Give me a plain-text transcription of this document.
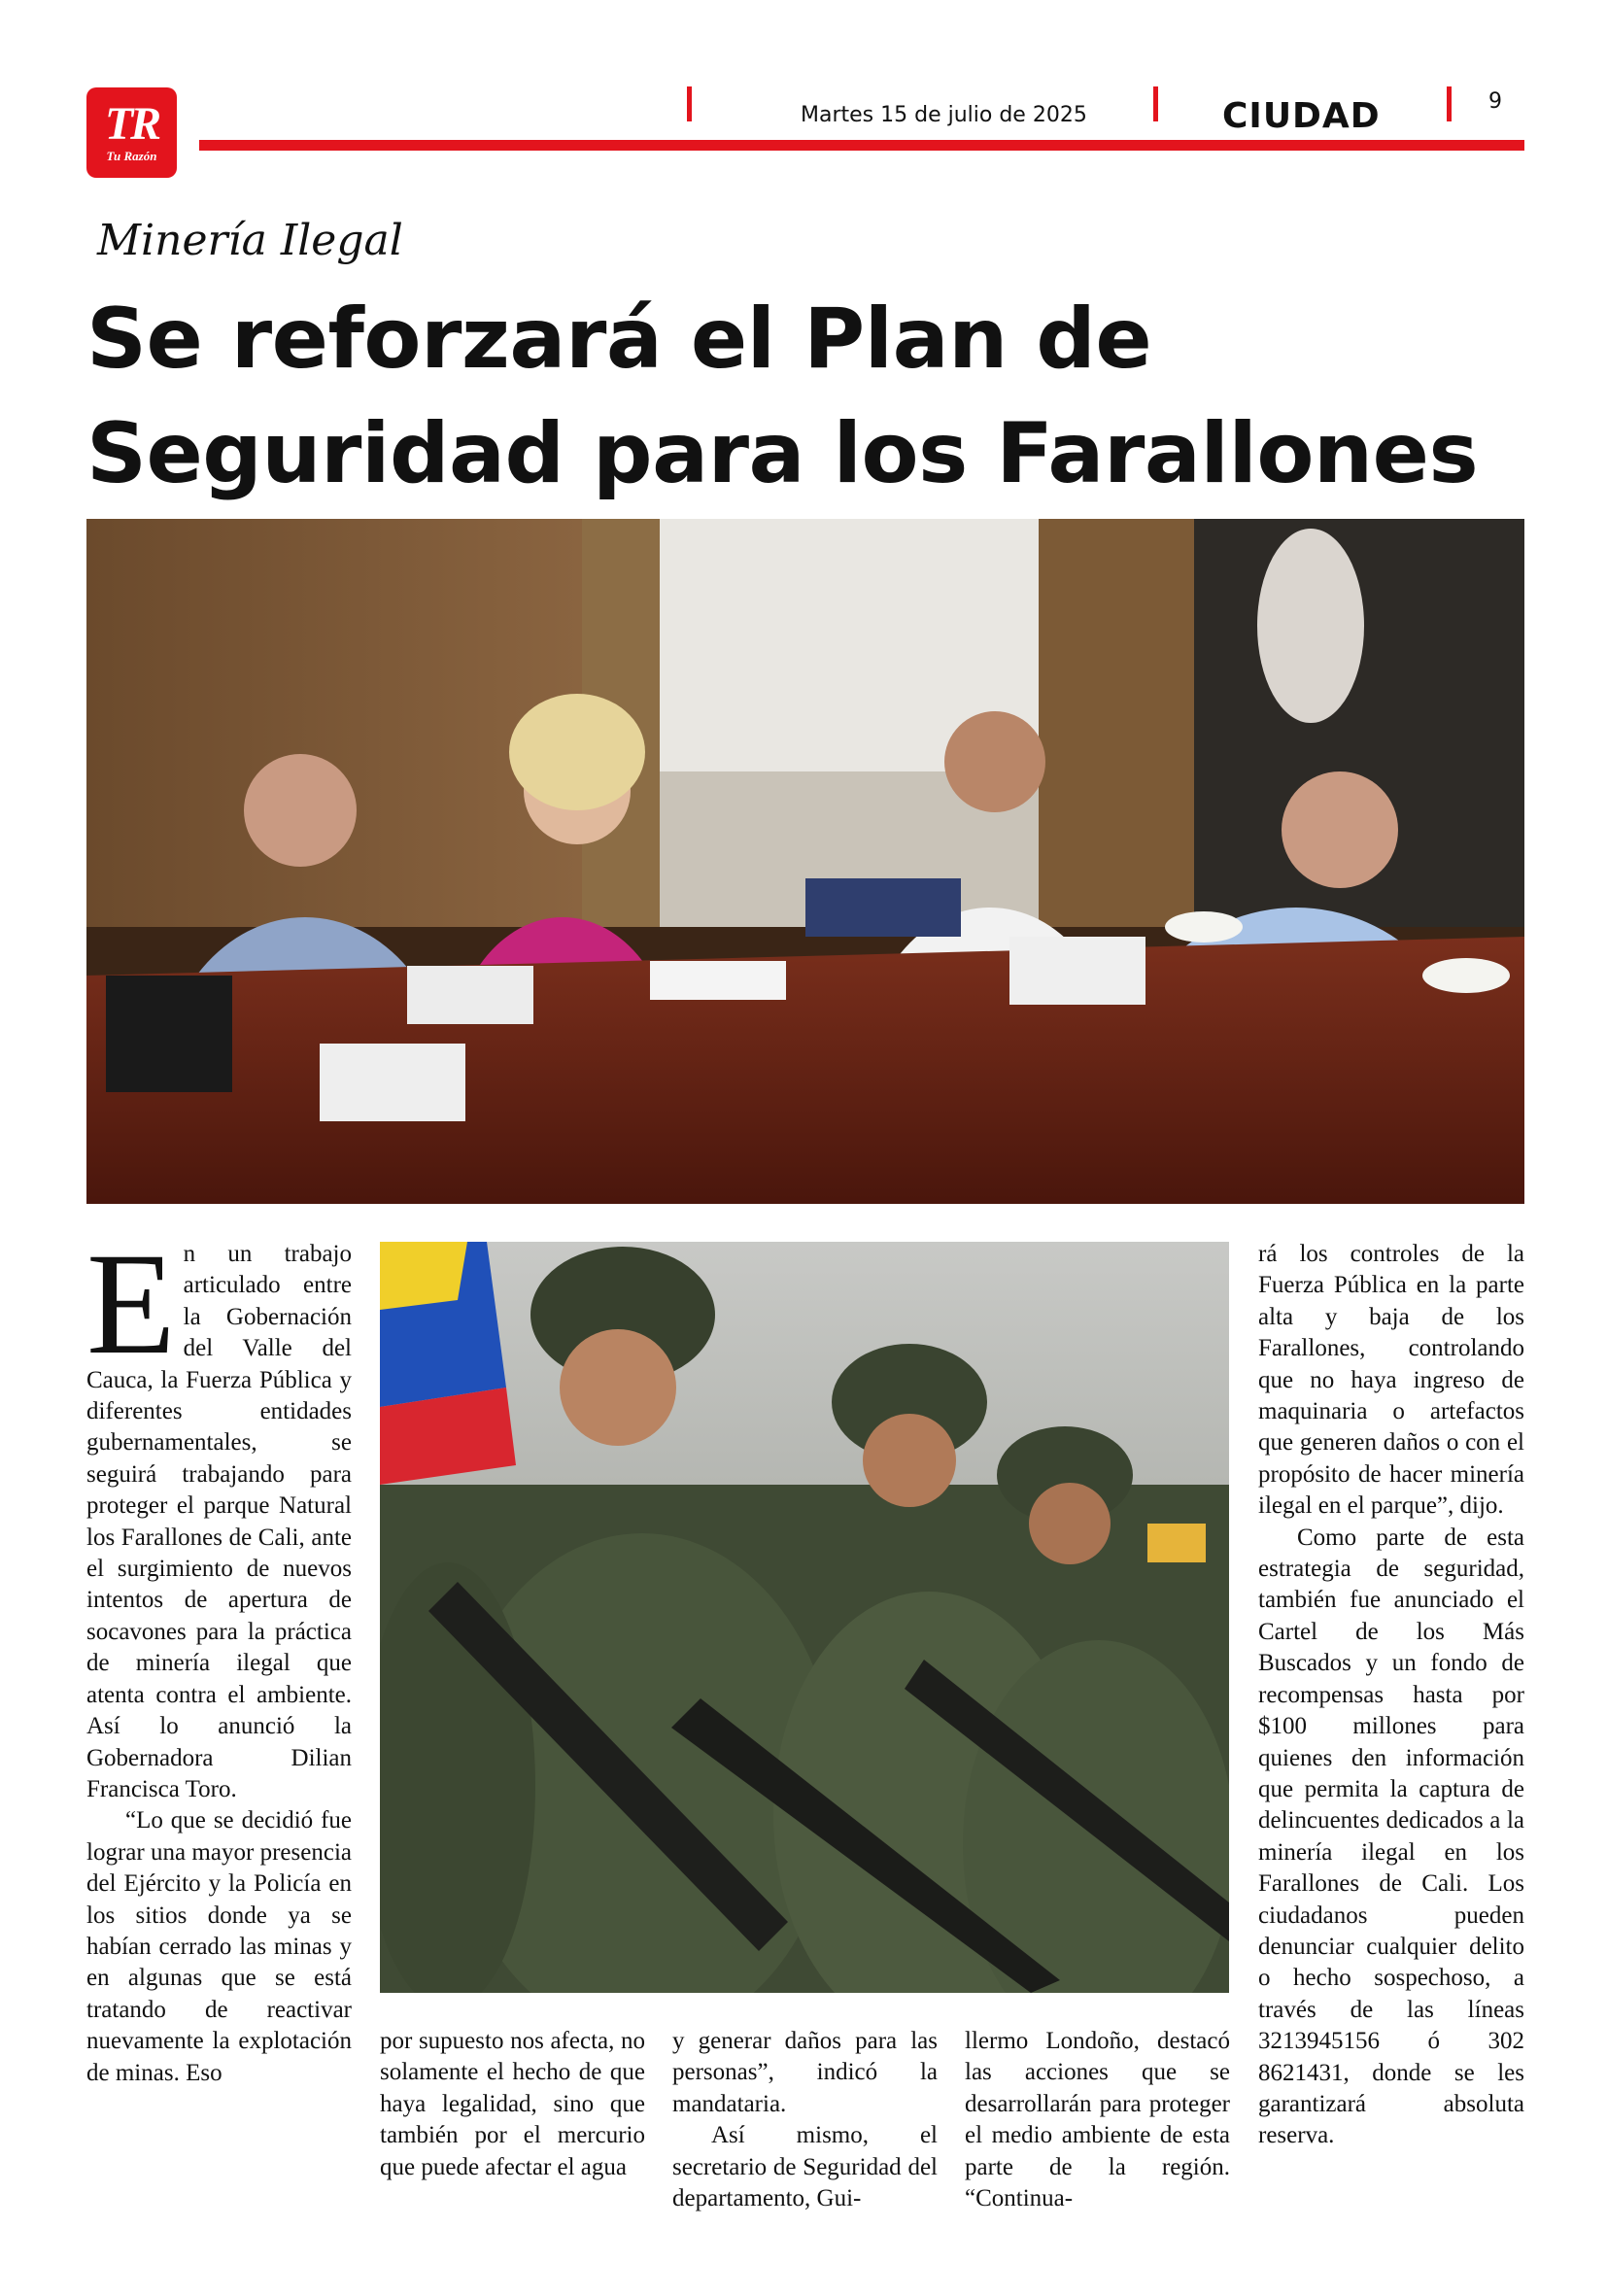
TR
Tu Razón
Martes 15 de julio de 2025	CIUDAD	9
Minería Ilegal
Se reforzará el Plan de Seguridad para los Farallones
E n un trabajo articulado entre la Gobernación del Valle del Cauca, la Fuerza Pública y diferentes entidades gubernamentales, se seguirá trabajando para proteger el parque Natural los Farallones de Cali, ante el surgimiento de nuevos intentos de apertura de socavones para la práctica de minería ilegal que atenta contra el ambiente. Así lo anunció la Gobernadora Dilian Francisca Toro.

“Lo que se decidió fue lograr una mayor presencia del Ejército y la Policía en los sitios donde ya se habían cerrado las minas y en algunas que se está tratando de reactivar nuevamente la explotación de minas. Eso

por supuesto nos afecta, no solamente el hecho de que haya legalidad, sino que también por el mercurio que puede afectar el agua

y generar daños para las personas”, indicó la mandataria.

Así mismo, el secretario de Seguridad del departamento, Gui-

llermo Londoño, destacó las acciones que se desarrollarán para proteger el medio ambiente de esta parte de la región. “Continua-

rá los controles de la Fuerza Pública en la parte alta y baja de los Farallones, controlando que no haya ingreso de maquinaria o artefactos que generen daños o con el propósito de hacer minería ilegal en el parque”, dijo.

Como parte de esta estrategia de seguridad, también fue anunciado el Cartel de los Más Buscados y un fondo de recompensas hasta por $100 millones para quienes den información que permita la captura de delincuentes dedicados a la minería ilegal en los Farallones de Cali. Los ciudadanos pueden denunciar cualquier delito o hecho sospechoso, a través de las líneas 3213945156 ó 302 8621431, donde se les garantizará absoluta reserva.
